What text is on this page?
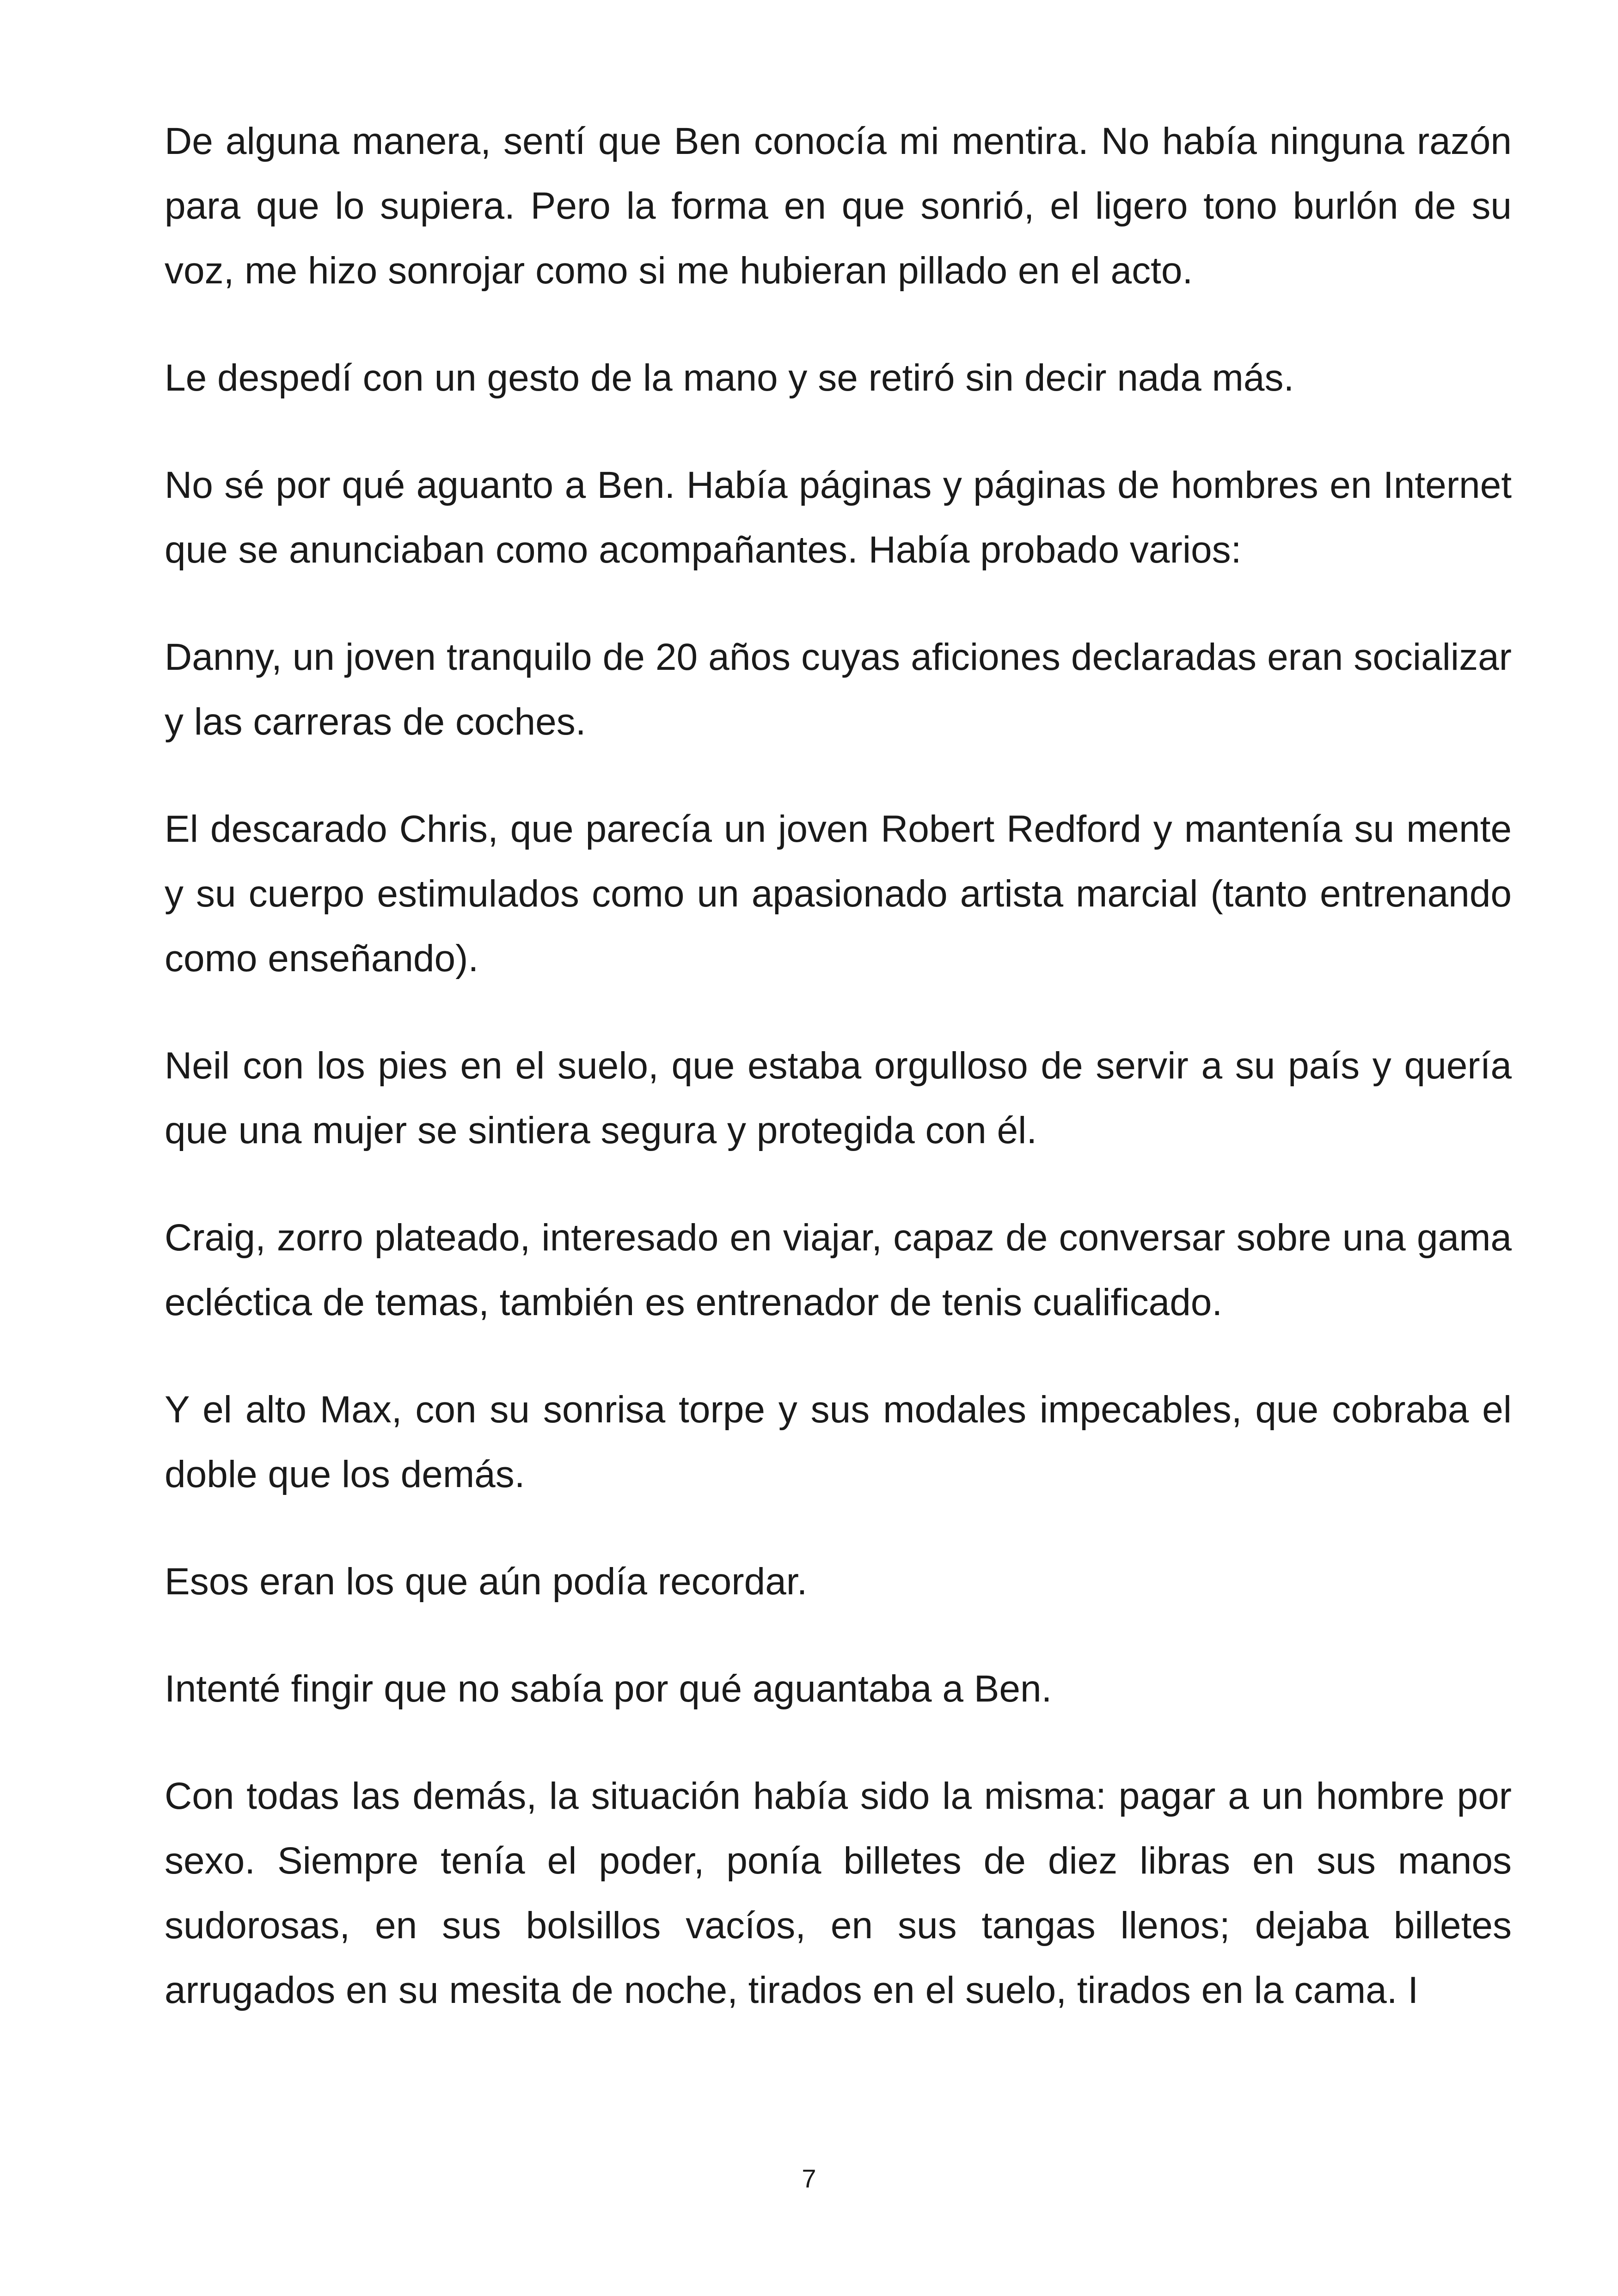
De alguna manera, sentí que Ben conocía mi mentira. No había ninguna razón para que lo supiera. Pero la forma en que sonrió, el ligero tono burlón de su voz, me hizo sonrojar como si me hubieran pillado en el acto.

Le despedí con un gesto de la mano y se retiró sin decir nada más.

No sé por qué aguanto a Ben. Había páginas y páginas de hombres en Internet que se anunciaban como acompañantes. Había probado varios:

Danny, un joven tranquilo de 20 años cuyas aficiones declaradas eran socializar y las carreras de coches.

El descarado Chris, que parecía un joven Robert Redford y mantenía su mente y su cuerpo estimulados como un apasionado artista marcial (tanto entrenando como enseñando).

Neil con los pies en el suelo, que estaba orgulloso de servir a su país y quería que una mujer se sintiera segura y protegida con él.

Craig, zorro plateado, interesado en viajar, capaz de conversar sobre una gama ecléctica de temas, también es entrenador de tenis cualificado.

Y el alto Max, con su sonrisa torpe y sus modales impecables, que cobraba el doble que los demás.

Esos eran los que aún podía recordar.

Intenté fingir que no sabía por qué aguantaba a Ben.

Con todas las demás, la situación había sido la misma: pagar a un hombre por sexo. Siempre tenía el poder, ponía billetes de diez libras en sus manos sudorosas, en sus bolsillos vacíos, en sus tangas llenos; dejaba billetes arrugados en su mesita de noche, tirados en el suelo, tirados en la cama. I

7
